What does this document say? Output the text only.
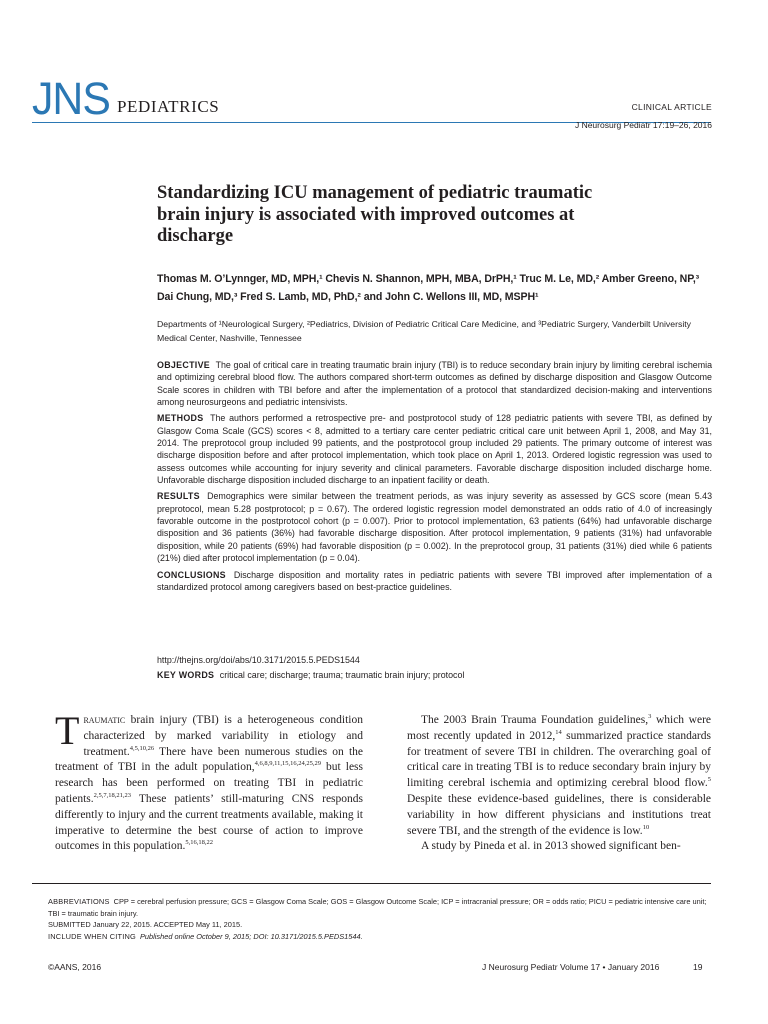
JNS PEDIATRICS	CLINICAL ARTICLE
J Neurosurg Pediatr 17:19–26, 2016
Standardizing ICU management of pediatric traumatic brain injury is associated with improved outcomes at discharge
Thomas M. O’Lynnger, MD, MPH,¹ Chevis N. Shannon, MPH, MBA, DrPH,¹ Truc M. Le, MD,² Amber Greeno, NP,³ Dai Chung, MD,³ Fred S. Lamb, MD, PhD,² and John C. Wellons III, MD, MSPH¹
Departments of ¹Neurological Surgery, ²Pediatrics, Division of Pediatric Critical Care Medicine, and ³Pediatric Surgery, Vanderbilt University Medical Center, Nashville, Tennessee

OBJECTIVE The goal of critical care in treating traumatic brain injury (TBI) is to reduce secondary brain injury by limiting cerebral ischemia and optimizing cerebral blood flow. The authors compared short-term outcomes as defined by discharge disposition and Glasgow Outcome Scale scores in children with TBI before and after the implementation of a protocol that standardized decision-making and interventions among neurosurgeons and pediatric intensivists.

METHODS The authors performed a retrospective pre- and postprotocol study of 128 pediatric patients with severe TBI, as defined by Glasgow Coma Scale (GCS) scores < 8, admitted to a tertiary care center pediatric critical care unit between April 1, 2008, and May 31, 2014. The preprotocol group included 99 patients, and the postprotocol group included 29 patients. The primary outcome of interest was discharge disposition before and after protocol implementation, which took place on April 1, 2013. Ordered logistic regression was used to assess outcomes while accounting for injury severity and clinical parameters. Favorable discharge disposition included discharge home. Unfavorable discharge disposition included discharge to an inpatient facility or death.

RESULTS Demographics were similar between the treatment periods, as was injury severity as assessed by GCS score (mean 5.43 preprotocol, mean 5.28 postprotocol; p = 0.67). The ordered logistic regression model demonstrated an odds ratio of 4.0 of increasingly favorable outcome in the postprotocol cohort (p = 0.007). Prior to protocol implementation, 63 patients (64%) had unfavorable discharge disposition and 36 patients (36%) had favorable discharge disposition. After protocol implementation, 9 patients (31%) had unfavorable disposition, while 20 patients (69%) had favorable disposition (p = 0.002). In the preprotocol group, 31 patients (31%) died while 6 patients (21%) died after protocol implementation (p = 0.04).

CONCLUSIONS Discharge disposition and mortality rates in pediatric patients with severe TBI improved after implementation of a standardized protocol among caregivers based on best-practice guidelines.

http://thejns.org/doi/abs/10.3171/2015.5.PEDS1544
KEY WORDS critical care; discharge; trauma; traumatic brain injury; protocol

Traumatic brain injury (TBI) is a heterogeneous condition characterized by marked variability in etiology and treatment.$^{4,5,10,26}$ There have been numerous studies on the treatment of TBI in the adult population,$^{4,6,8,9,11,15,16,24,25,29}$ but less research has been performed on treating TBI in pediatric patients.$^{2,5,7,18,21,23}$ These patients’ still-maturing CNS responds differently to injury and the current treatments available, making it imperative to determine the best course of action to improve outcomes in this population.$^{5,16,18,22}$

The 2003 Brain Trauma Foundation guidelines,$^3$ which were most recently updated in 2012,14 summarized practice standards for treatment of severe TBI in children. The overarching goal of critical care in treating TBI is to reduce secondary brain injury by limiting cerebral ischemia and optimizing cerebral blood flow.$^5$ Despite these evidence-based guidelines, there is considerable variability in how different physicians and institutions treat severe TBI, and the strength of the evidence is low.$^{10}$

A study by Pineda et al. in 2013 showed significant ben-

ABBREVIATIONS CPP = cerebral perfusion pressure; GCS = Glasgow Coma Scale; GOS = Glasgow Outcome Scale; ICP = intracranial pressure; OR = odds ratio; PICU = pediatric intensive care unit; TBI = traumatic brain injury.
SUBMITTED January 22, 2015. ACCEPTED May 11, 2015.
INCLUDE WHEN CITING Published online October 9, 2015; DOI: 10.3171/2015.5.PEDS1544.
©AANS, 2016	J Neurosurg Pediatr Volume 17 • January 2016	19
